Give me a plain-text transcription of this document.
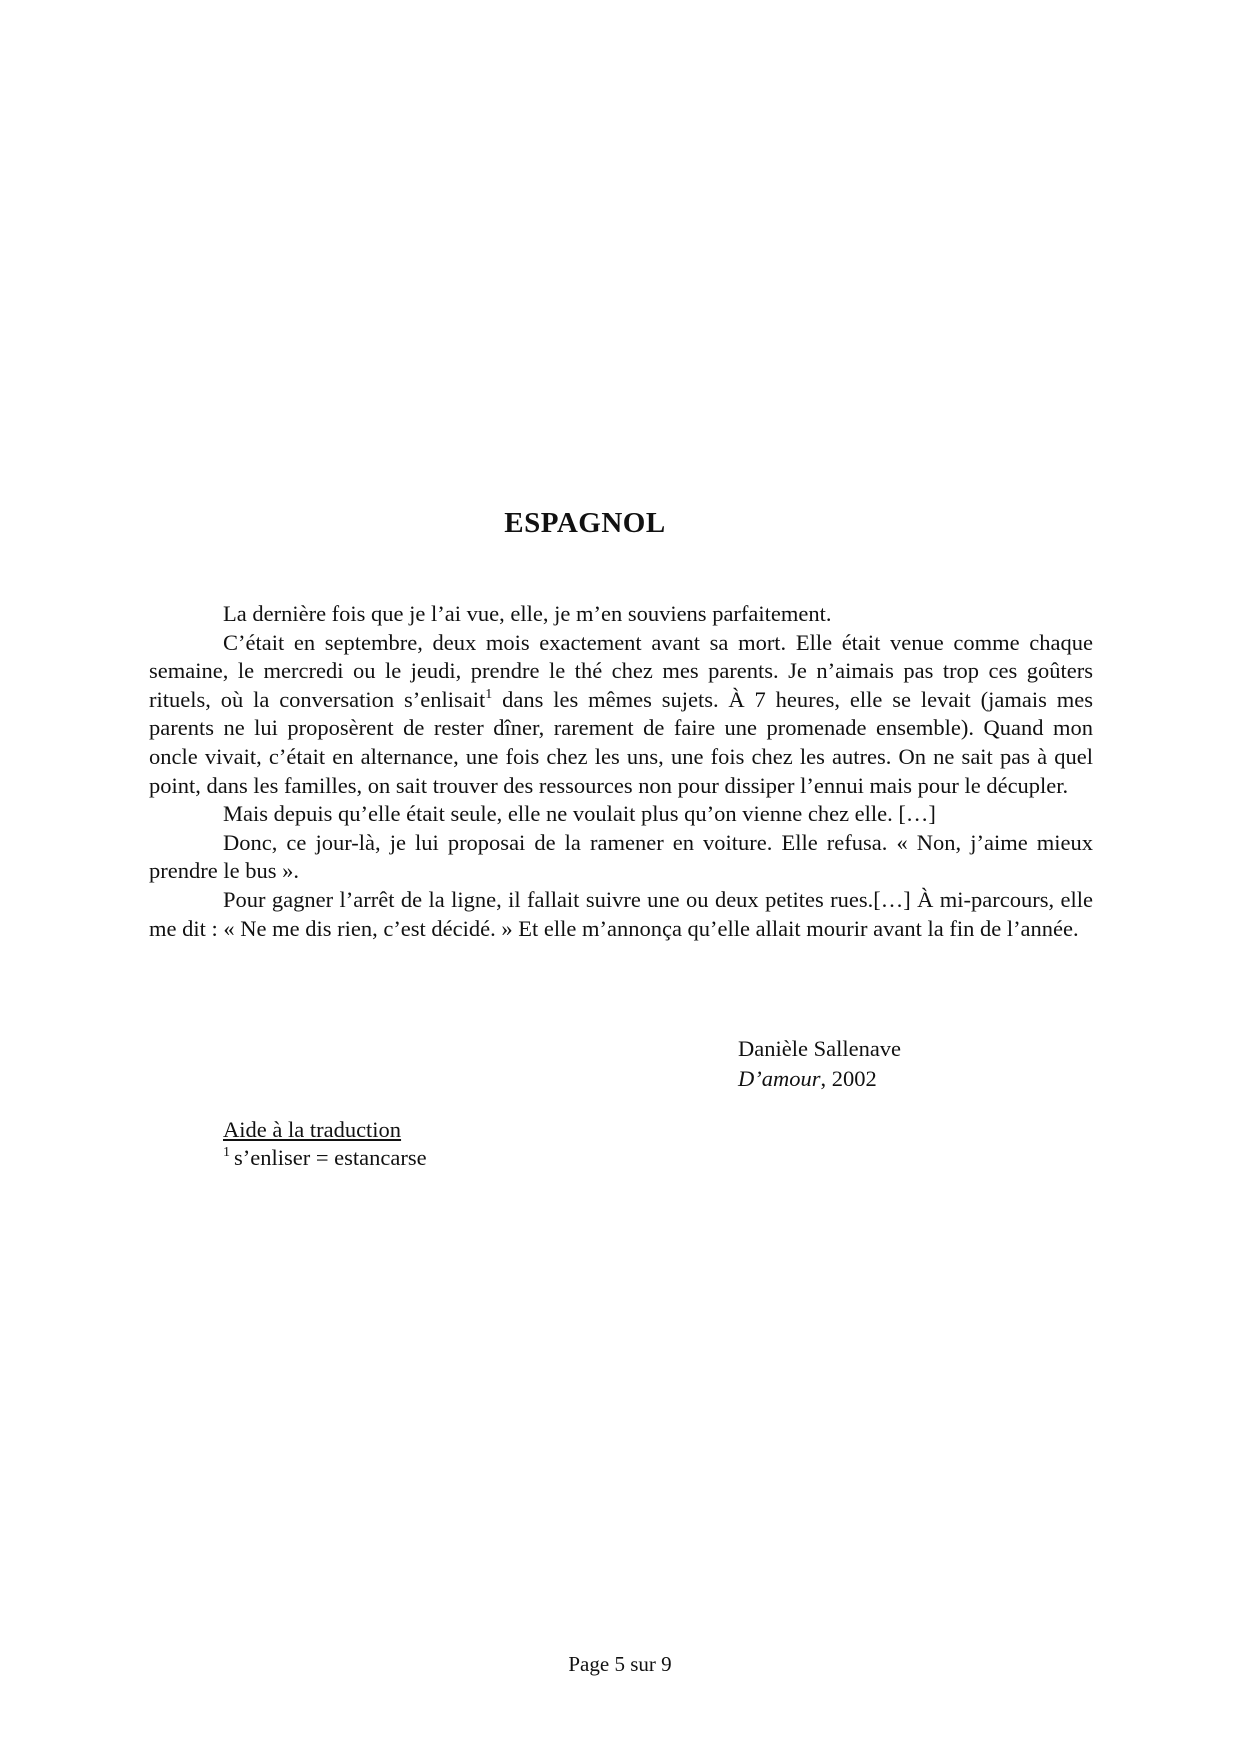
ESPAGNOL

La dernière fois que je l’ai vue, elle, je m’en souviens parfaitement.

C’était en septembre, deux mois exactement avant sa mort. Elle était venue comme chaque semaine, le mercredi ou le jeudi, prendre le thé chez mes parents. Je n’aimais pas trop ces goûters rituels, où la conversation s’enlisait$^1$ dans les mêmes sujets. À 7 heures, elle se levait (jamais mes parents ne lui proposèrent de rester dîner, rarement de faire une promenade ensemble). Quand mon oncle vivait, c’était en alternance, une fois chez les uns, une fois chez les autres. On ne sait pas à quel point, dans les familles, on sait trouver des ressources non pour dissiper l’ennui mais pour le décupler.

Mais depuis qu’elle était seule, elle ne voulait plus qu’on vienne chez elle. […]

Donc, ce jour-là, je lui proposai de la ramener en voiture. Elle refusa. « Non, j’aime mieux prendre le bus ».

Pour gagner l’arrêt de la ligne, il fallait suivre une ou deux petites rues.[…] À mi-parcours, elle me dit : « Ne me dis rien, c’est décidé. » Et elle m’annonça qu’elle allait mourir avant la fin de l’année.

Danièle Sallenave
D’amour, 2002
Aide à la traduction
$^1$ s’enliser = estancarse
Page 5 sur 9
